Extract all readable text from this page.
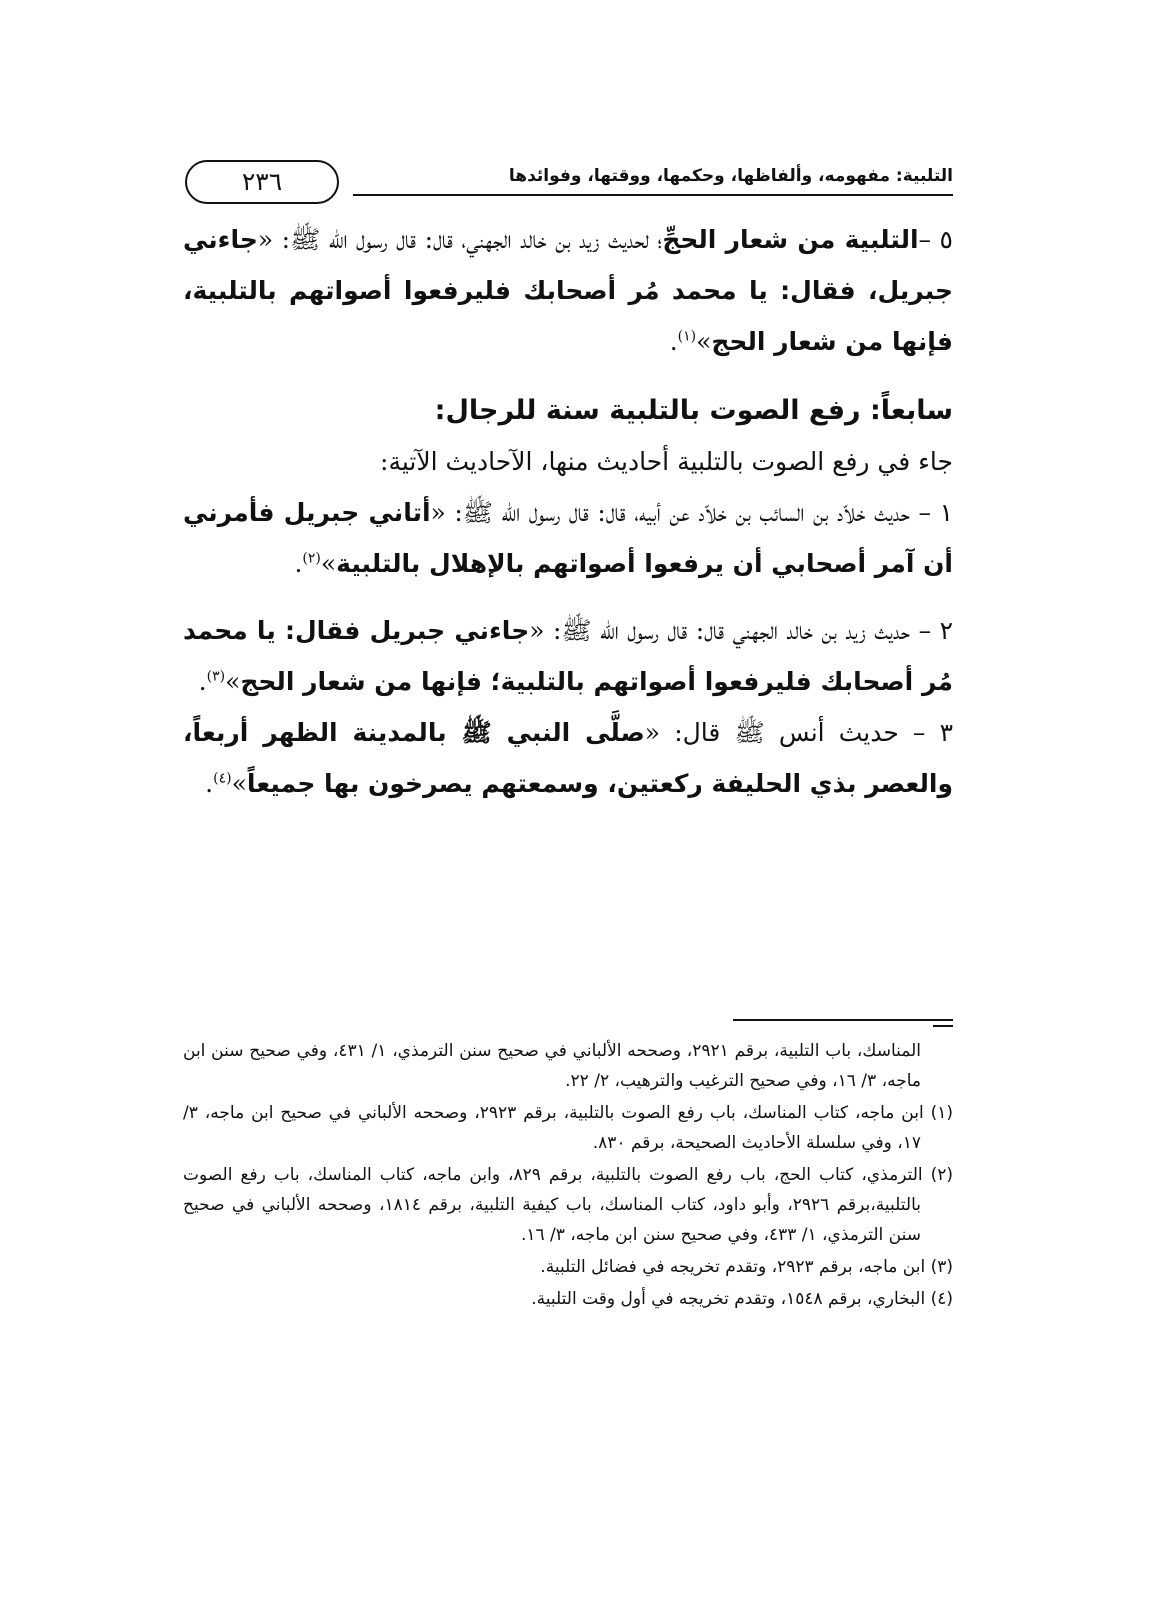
التلبية: مفهومه، وألفاظها، وحكمها، ووقتها، وفوائدها
٢٣٦

٥ –التلبية من شعار الحجِّ؛ لحديث زيد بن خالد الجهني، قال: قال رسول الله ﷺ: «جاءني جبريل، فقال: يا محمد مُر أصحابك فليرفعوا أصواتهم بالتلبية، فإنها من شعار الحج»$^{(١)}$.

سابعاً: رفع الصوت بالتلبية سنة للرجال:

جاء في رفع الصوت بالتلبية أحاديث منها، الآحاديث الآتية:

١ – حديث خلاّد بن السائب بن خلاّد عن أبيه، قال: قال رسول الله ﷺ: «أتاني جبريل فأمرني أن آمر أصحابي أن يرفعوا أصواتهم بالإهلال بالتلبية»$^{(٢)}$.

٢ – حديث زيد بن خالد الجهني قال: قال رسول الله ﷺ: «جاءني جبريل فقال: يا محمد مُر أصحابك فليرفعوا أصواتهم بالتلبية؛ فإنها من شعار الحج»$^{(٣)}$.

٣ – حديث أنس ﷺ قال: «صلَّى النبي ﷺ بالمدينة الظهر أربعاً، والعصر بذي الحليفة ركعتين، وسمعتهم يصرخون بها جميعاً»$^{(٤)}$.

المناسك، باب التلبية، برقم ٢٩٢١، وصححه الألباني في صحيح سنن الترمذي، ١/ ٤٣١، وفي صحيح سنن ابن ماجه، ٣/ ١٦، وفي صحيح الترغيب والترهيب، ٢/ ٢٢.

(١) ابن ماجه، كتاب المناسك، باب رفع الصوت بالتلبية، برقم ٢٩٢٣، وصححه الألباني في صحيح ابن ماجه، ٣/ ١٧، وفي سلسلة الأحاديث الصحيحة، برقم ٨٣٠.

(٢) الترمذي، كتاب الحج، باب رفع الصوت بالتلبية، برقم ٨٢٩، وابن ماجه، كتاب المناسك، باب رفع الصوت بالتلبية،برقم ٢٩٢٦، وأبو داود، كتاب المناسك، باب كيفية التلبية، برقم ١٨١٤، وصححه الألباني في صحيح سنن الترمذي، ١/ ٤٣٣، وفي صحيح سنن ابن ماجه، ٣/ ١٦.

(٣) ابن ماجه، برقم ٢٩٢٣، وتقدم تخريجه في فضائل التلبية.

(٤) البخاري، برقم ١٥٤٨، وتقدم تخريجه في أول وقت التلبية.
